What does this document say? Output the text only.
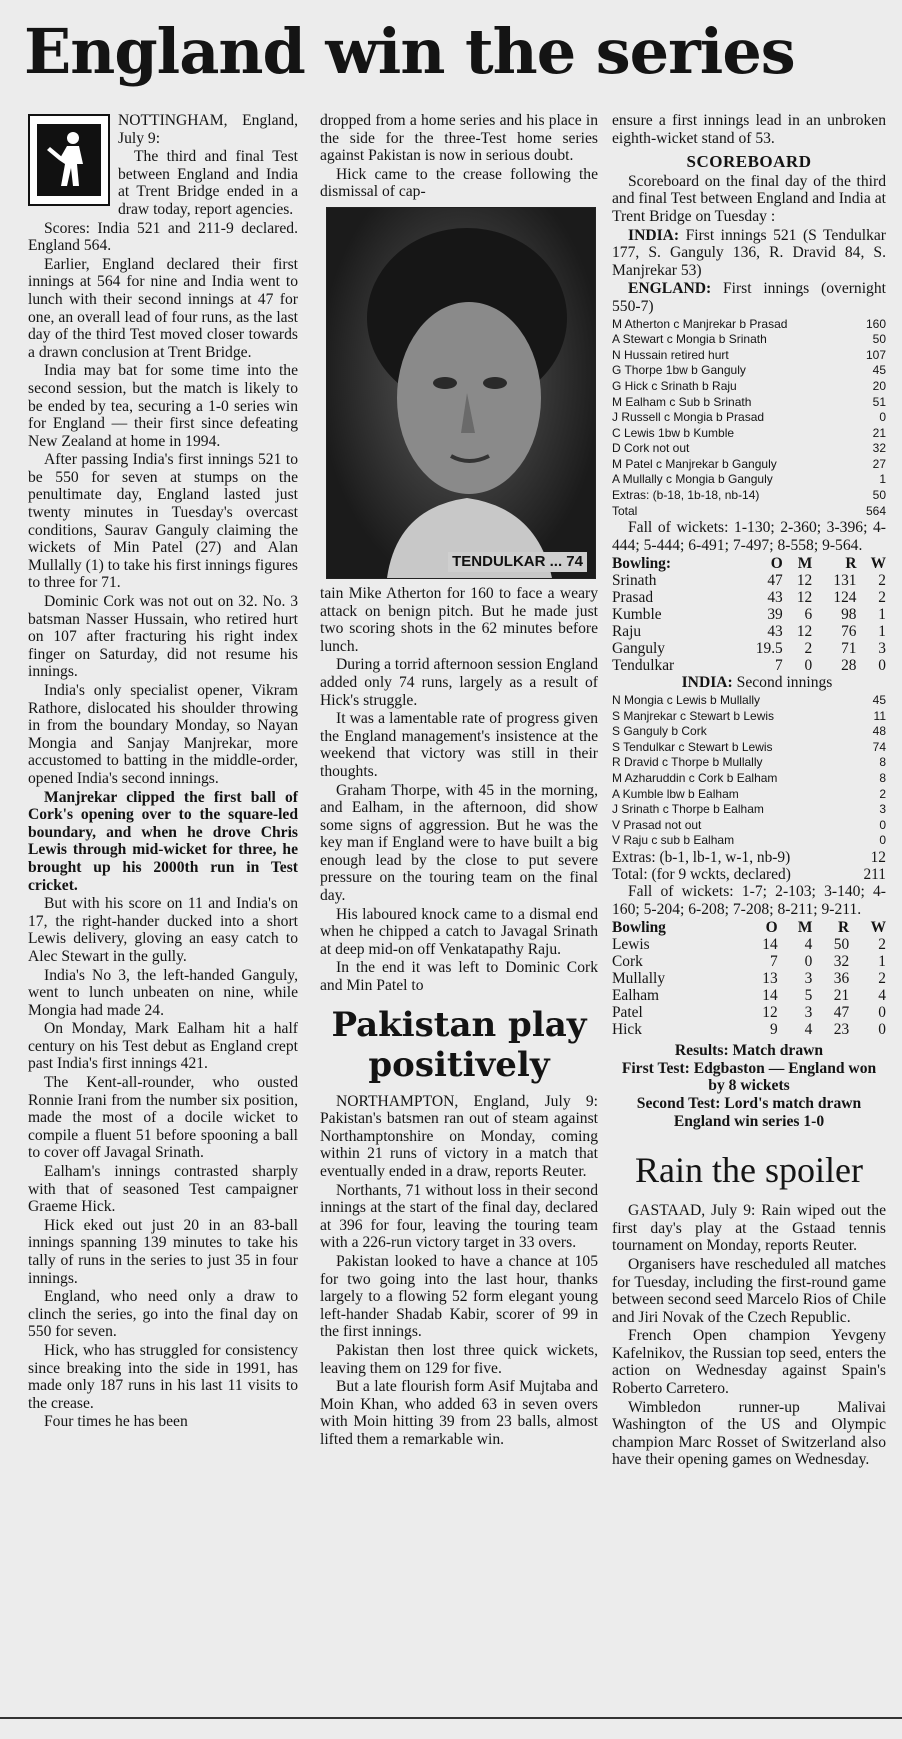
England win the series

NOTTINGHAM, England, July 9:

The third and final Test between England and India at Trent Bridge ended in a draw today, report agencies.

Scores: India 521 and 211-9 declared. England 564.

Earlier, England declared their first innings at 564 for nine and India went to lunch with their second innings at 47 for one, an overall lead of four runs, as the last day of the third Test moved closer towards a drawn conclusion at Trent Bridge.

India may bat for some time into the second session, but the match is likely to be ended by tea, securing a 1-0 series win for England — their first since defeating New Zealand at home in 1994.

After passing India's first innings 521 to be 550 for seven at stumps on the penultimate day, England lasted just twenty minutes in Tuesday's overcast conditions, Saurav Ganguly claiming the wickets of Min Patel (27) and Alan Mullally (1) to take his first innings figures to three for 71.

Dominic Cork was not out on 32. No. 3 batsman Nasser Hussain, who retired hurt on 107 after fracturing his right index finger on Saturday, did not resume his innings.

India's only specialist opener, Vikram Rathore, dislocated his shoulder throwing in from the boundary Monday, so Nayan Mongia and Sanjay Manjrekar, more accustomed to batting in the middle-order, opened India's second innings.

Manjrekar clipped the first ball of Cork's opening over to the square-led boundary, and when he drove Chris Lewis through mid-wicket for three, he brought up his 2000th run in Test cricket.

But with his score on 11 and India's on 17, the right-hander ducked into a short Lewis delivery, gloving an easy catch to Alec Stewart in the gully.

India's No 3, the left-handed Ganguly, went to lunch unbeaten on nine, while Mongia had made 24.

On Monday, Mark Ealham hit a half century on his Test debut as England crept past India's first innings 421.

The Kent-all-rounder, who ousted Ronnie Irani from the number six position, made the most of a docile wicket to compile a fluent 51 before spooning a ball to cover off Javagal Srinath.

Ealham's innings contrasted sharply with that of seasoned Test campaigner Graeme Hick.

Hick eked out just 20 in an 83-ball innings spanning 139 minutes to take his tally of runs in the series to just 35 in four innings.

England, who need only a draw to clinch the series, go into the final day on 550 for seven.

Hick, who has struggled for consistency since breaking into the side in 1991, has made only 187 runs in his last 11 visits to the crease.

Four times he has been

dropped from a home series and his place in the side for the three-Test home series against Pakistan is now in serious doubt.

Hick came to the crease following the dismissal of cap-

TENDULKAR ... 74

tain Mike Atherton for 160 to face a weary attack on benign pitch. But he made just two scoring shots in the 62 minutes before lunch.

During a torrid afternoon session England added only 74 runs, largely as a result of Hick's struggle.

It was a lamentable rate of progress given the England management's insistence at the weekend that victory was still in their thoughts.

Graham Thorpe, with 45 in the morning, and Ealham, in the afternoon, did show some signs of aggression. But he was the key man if England were to have built a big enough lead by the close to put severe pressure on the touring team on the final day.

His laboured knock came to a dismal end when he chipped a catch to Javagal Srinath at deep mid-on off Venkatapathy Raju.

In the end it was left to Dominic Cork and Min Patel to

Pakistan play positively

NORTHAMPTON, England, July 9: Pakistan's batsmen ran out of steam against Northamptonshire on Monday, coming within 21 runs of victory in a match that eventually ended in a draw, reports Reuter.

Northants, 71 without loss in their second innings at the start of the final day, declared at 396 for four, leaving the touring team with a 226-run victory target in 33 overs.

Pakistan looked to have a chance at 105 for two going into the last hour, thanks largely to a flowing 52 form elegant young left-hander Shadab Kabir, scorer of 99 in the first innings.

Pakistan then lost three quick wickets, leaving them on 129 for five.

But a late flourish form Asif Mujtaba and Moin Khan, who added 63 in seven overs with Moin hitting 39 from 23 balls, almost lifted them a remarkable win.

ensure a first innings lead in an unbroken eighth-wicket stand of 53.

SCOREBOARD

Scoreboard on the final day of the third and final Test between England and India at Trent Bridge on Tuesday :

INDIA: First innings 521 (S Tendulkar 177, S. Ganguly 136, R. Dravid 84, S. Manjrekar 53)

ENGLAND: First innings (overnight 550-7)

M Atherton c Manjrekar b Prasad	160
A Stewart c Mongia b Srinath	50
N Hussain retired hurt	107
G Thorpe 1bw b Ganguly	45
G Hick c Srinath b Raju	20
M Ealham c Sub b Srinath	51
J Russell c Mongia b Prasad	0
C Lewis 1bw b Kumble	21
D Cork not out	32
M Patel c Manjrekar b Ganguly	27
A Mullally c Mongia b Ganguly	1
Extras: (b-18, 1b-18, nb-14)	50
Total	564

Fall of wickets: 1-130; 2-360; 3-396; 4-444; 5-444; 6-491; 7-497; 8-558; 9-564.

Bowling:	O	M	R	W
Srinath	47	12	131	2
Prasad	43	12	124	2
Kumble	39	6	98	1
Raju	43	12	76	1
Ganguly	19.5	2	71	3
Tendulkar	7	0	28	0

INDIA: Second innings

N Mongia c Lewis b Mullally	45
S Manjrekar c Stewart b Lewis	11
S Ganguly b Cork	48
S Tendulkar c Stewart b Lewis	74
R Dravid c Thorpe b Mullally	8
M Azharuddin c Cork b Ealham	8
A Kumble lbw b Ealham	2
J Srinath c Thorpe b Ealham	3
V Prasad not out	0
V Raju c sub b Ealham	0
Extras: (b-1, lb-1, w-1, nb-9)	12
Total: (for 9 wckts, declared)	211

Fall of wickets: 1-7; 2-103; 3-140; 4-160; 5-204; 6-208; 7-208; 8-211; 9-211.

Bowling	O	M	R	W
Lewis	14	4	50	2
Cork	7	0	32	1
Mullally	13	3	36	2
Ealham	14	5	21	4
Patel	12	3	47	0
Hick	9	4	23	0

Results: Match drawn

First Test: Edgbaston — England won by 8 wickets

Second Test: Lord's match drawn

England win series 1-0

Rain the spoiler

GASTAAD, July 9: Rain wiped out the first day's play at the Gstaad tennis tournament on Monday, reports Reuter.

Organisers have rescheduled all matches for Tuesday, including the first-round game between second seed Marcelo Rios of Chile and Jiri Novak of the Czech Republic.

French Open champion Yevgeny Kafelnikov, the Russian top seed, enters the action on Wednesday against Spain's Roberto Carretero.

Wimbledon runner-up Malivai Washington of the US and Olympic champion Marc Rosset of Switzerland also have their opening games on Wednesday.
